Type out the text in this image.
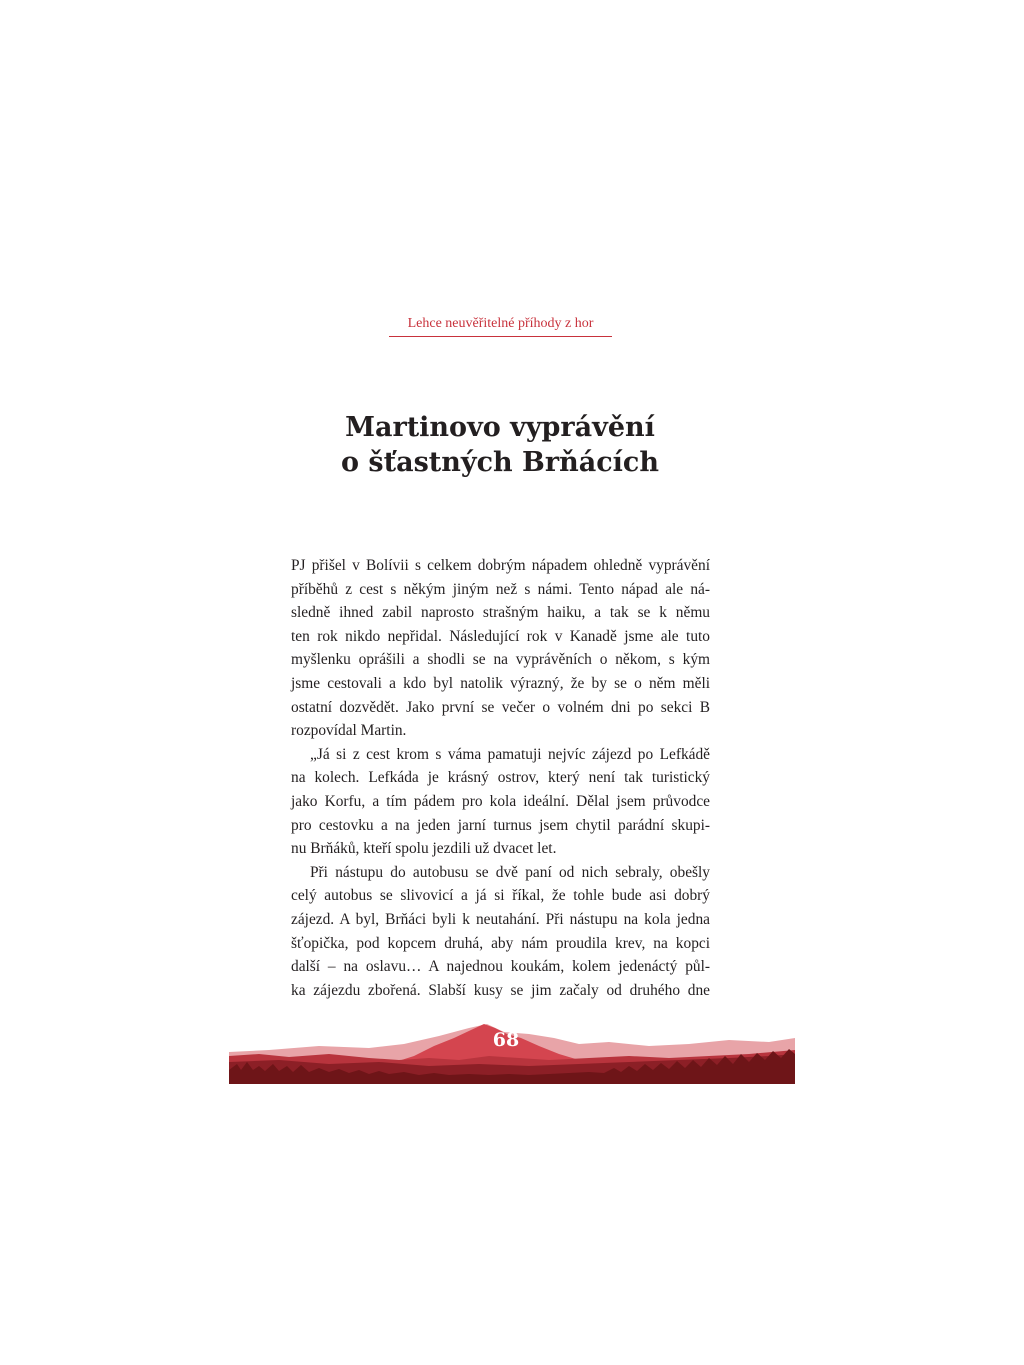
Lehce neuvěřitelné příhody z hor
Martinovo vyprávění
o šťastných Brňácích
PJ přišel v Bolívii s celkem dobrým nápadem ohledně vyprávění
příběhů z cest s někým jiným než s námi. Tento nápad ale ná-
sledně ihned zabil naprosto strašným haiku, a tak se k němu
ten rok nikdo nepřidal. Následující rok v Kanadě jsme ale tuto
myšlenku oprášili a shodli se na vyprávěních o někom, s kým
jsme cestovali a kdo byl natolik výrazný, že by se o něm měli
ostatní dozvědět. Jako první se večer o volném dni po sekci B
rozpovídal Martin.
„Já si z cest krom s váma pamatuji nejvíc zájezd po Lefkádě
na kolech. Lefkáda je krásný ostrov, který není tak turistický
jako Korfu, a tím pádem pro kola ideální. Dělal jsem průvodce
pro cestovku a na jeden jarní turnus jsem chytil parádní skupi-
nu Brňáků, kteří spolu jezdili už dvacet let.
Při nástupu do autobusu se dvě paní od nich sebraly, obešly
celý autobus se slivovicí a já si říkal, že tohle bude asi dobrý
zájezd. A byl, Brňáci byli k neutahání. Při nástupu na kola jedna
šťopička, pod kopcem druhá, aby nám proudila krev, na kopci
další – na oslavu… A najednou koukám, kolem jedenáctý půl-
ka zájezdu zbořená. Slabší kusy se jim začaly od druhého dne
68
